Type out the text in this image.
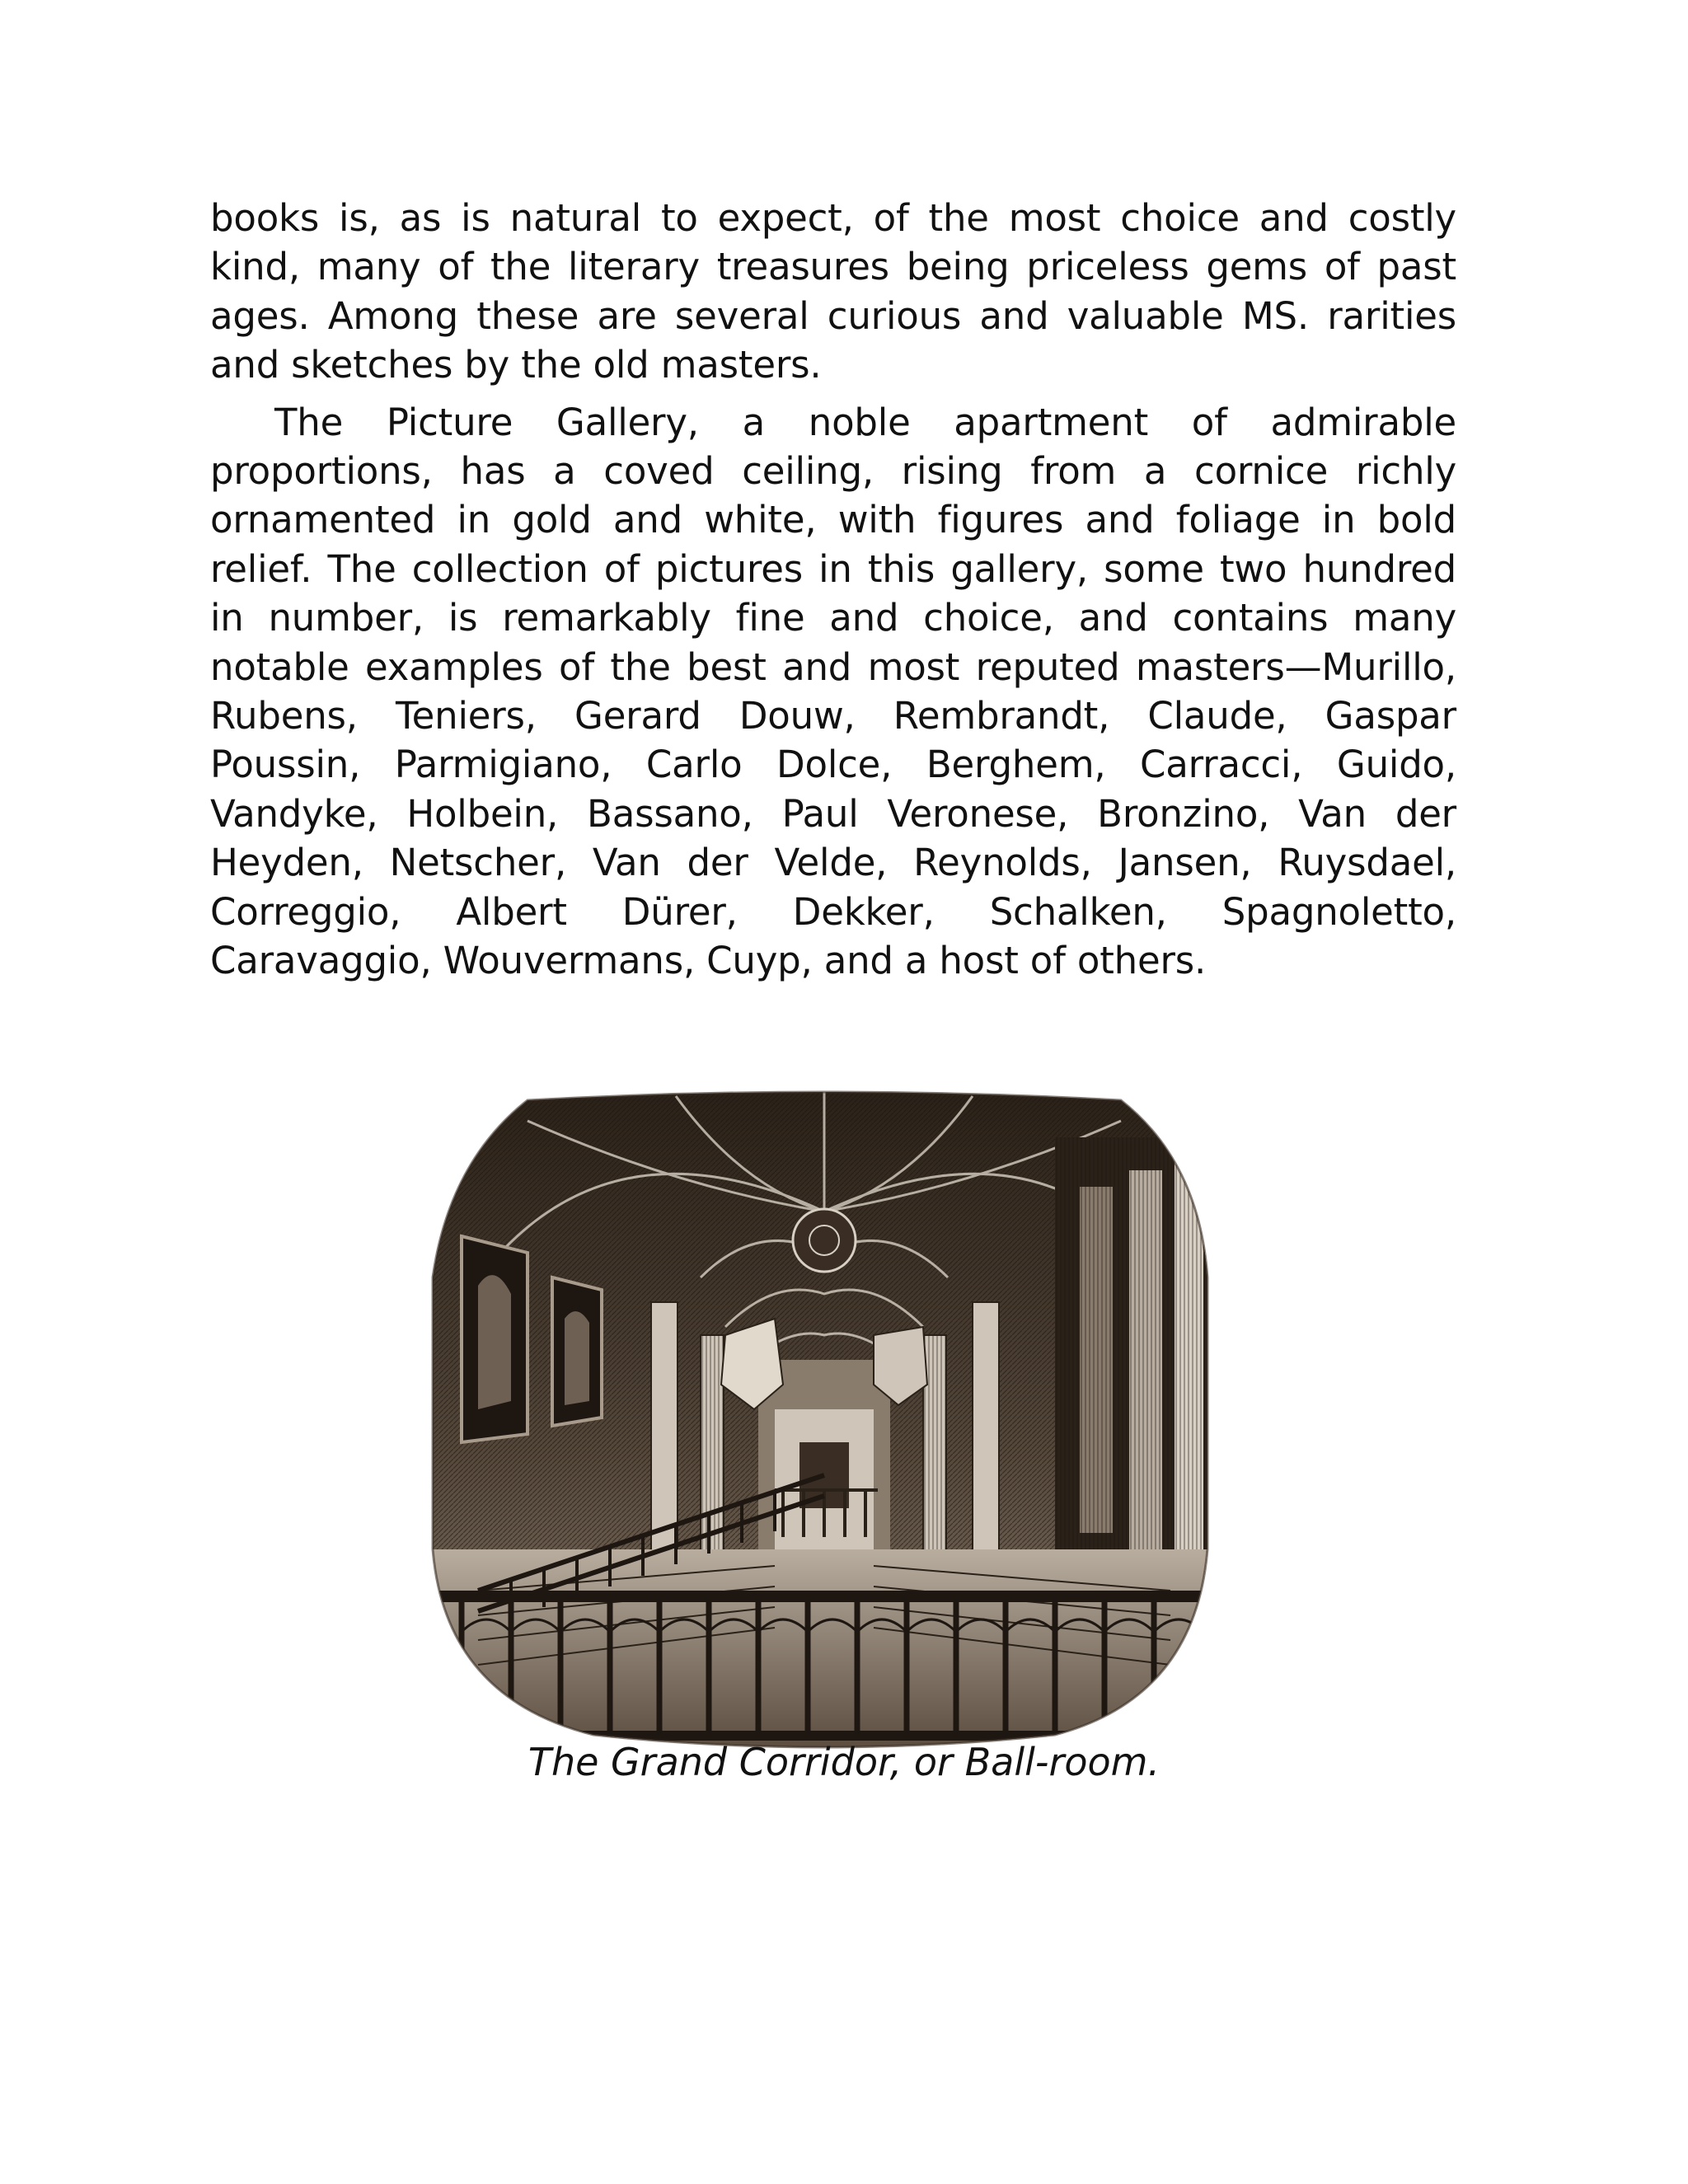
books is, as is natural to expect, of the most choice and costly kind, many of the literary treasures being priceless gems of past ages. Among these are several curious and valuable MS. rarities and sketches by the old masters.

The Picture Gallery, a noble apartment of admirable proportions, has a coved ceiling, rising from a cornice richly ornamented in gold and white, with figures and foliage in bold relief. The collection of pictures in this gallery, some two hundred in number, is remarkably fine and choice, and contains many notable examples of the best and most reputed masters—Murillo, Rubens, Teniers, Gerard Douw, Rembrandt, Claude, Gaspar Poussin, Parmigiano, Carlo Dolce, Berghem, Carracci, Guido, Vandyke, Holbein, Bassano, Paul Veronese, Bronzino, Van der Heyden, Netscher, Van der Velde, Reynolds, Jansen, Ruysdael, Correggio, Albert Dürer, Dekker, Schalken, Spagnoletto, Caravaggio, Wouvermans, Cuyp, and a host of others.

The Grand Corridor, or Ball-room.
